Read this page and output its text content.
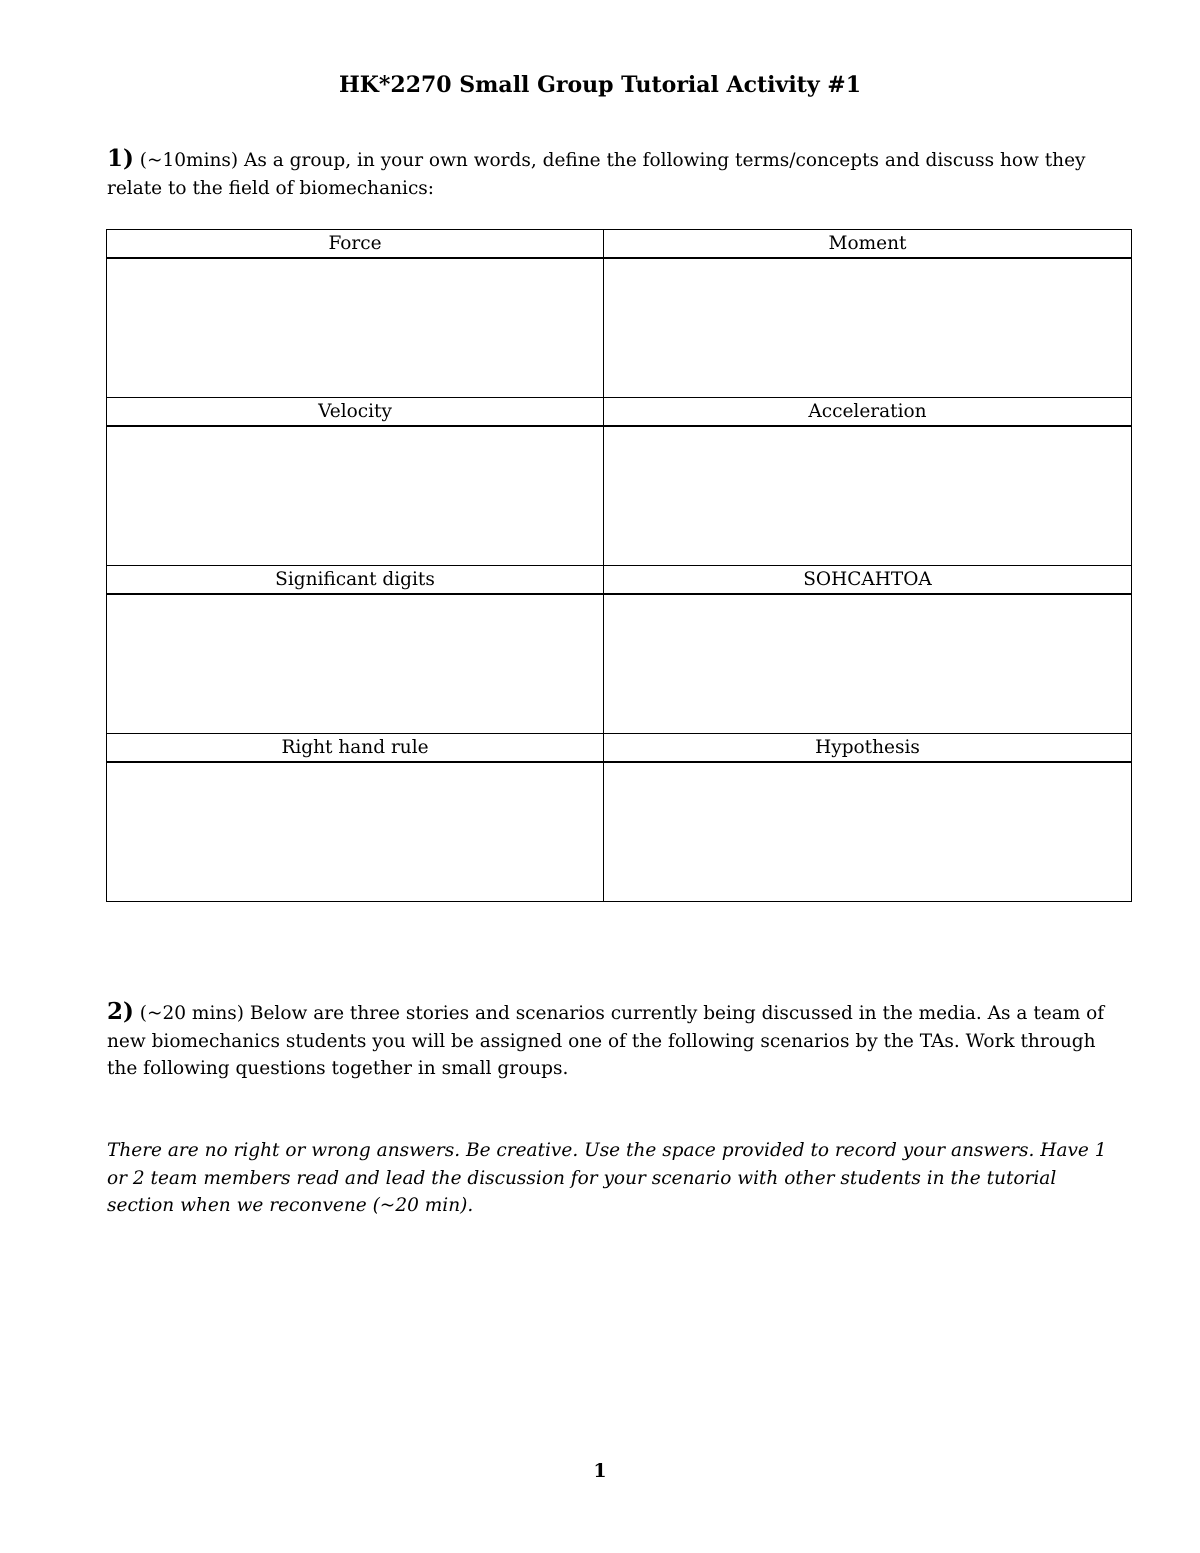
HK*2270 Small Group Tutorial Activity #1
1) (~10mins) As a group, in your own words, define the following terms/concepts and discuss how they relate to the field of biomechanics:
Force	Moment

Velocity	Acceleration

Significant digits	SOHCAHTOA

Right hand rule	Hypothesis

2) (~20 mins) Below are three stories and scenarios currently being discussed in the media. As a team of new biomechanics students you will be assigned one of the following scenarios by the TAs. Work through the following questions together in small groups.
There are no right or wrong answers. Be creative. Use the space provided to record your answers. Have 1 or 2 team members read and lead the discussion for your scenario with other students in the tutorial section when we reconvene (~20 min).
1
